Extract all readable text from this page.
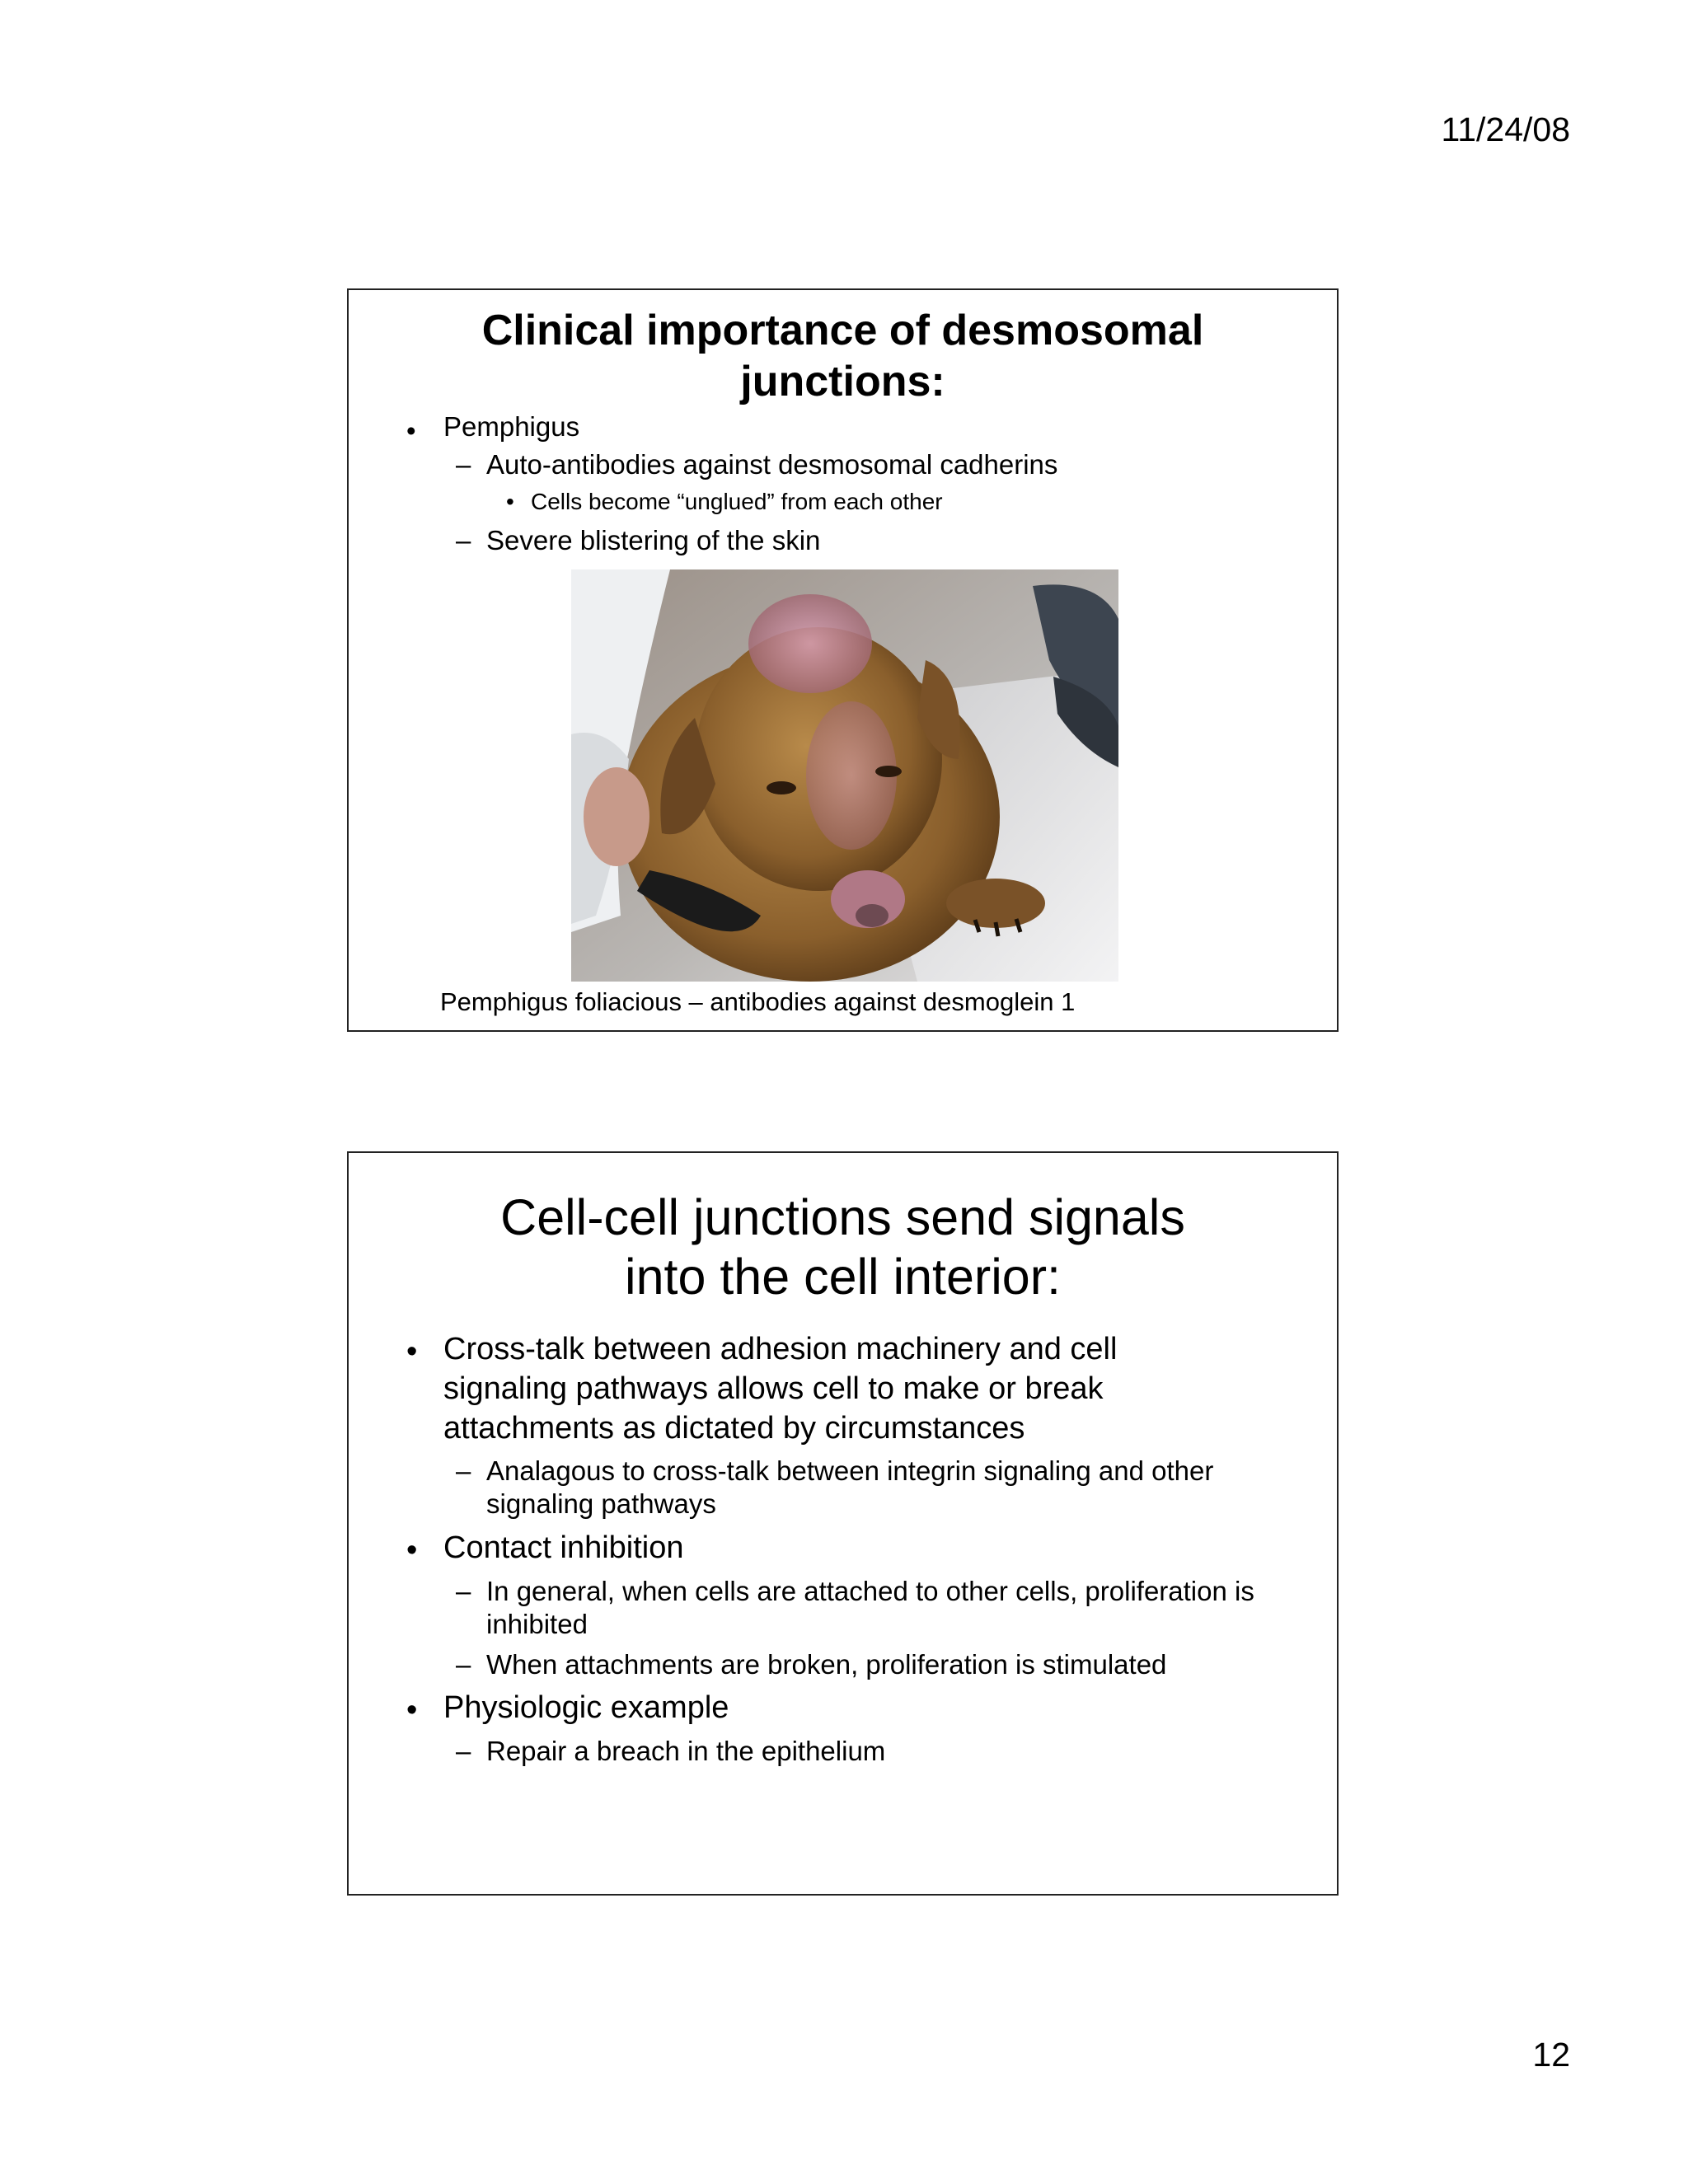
11/24/08
Clinical importance of desmosomal
junctions:
• Pemphigus
– Auto-antibodies against desmosomal cadherins
• Cells become “unglued” from each other
– Severe blistering of the skin
Pemphigus foliacious – antibodies against desmoglein 1
Cell-cell junctions send signals
into the cell interior:
• Cross-talk between adhesion machinery and cell
signaling pathways allows cell to make or break
attachments as dictated by circumstances
– Analagous to cross-talk between integrin signaling and other
signaling pathways
• Contact inhibition
– In general, when cells are attached to other cells, proliferation is
inhibited
– When attachments are broken, proliferation is stimulated
• Physiologic example
– Repair a breach in the epithelium
12
